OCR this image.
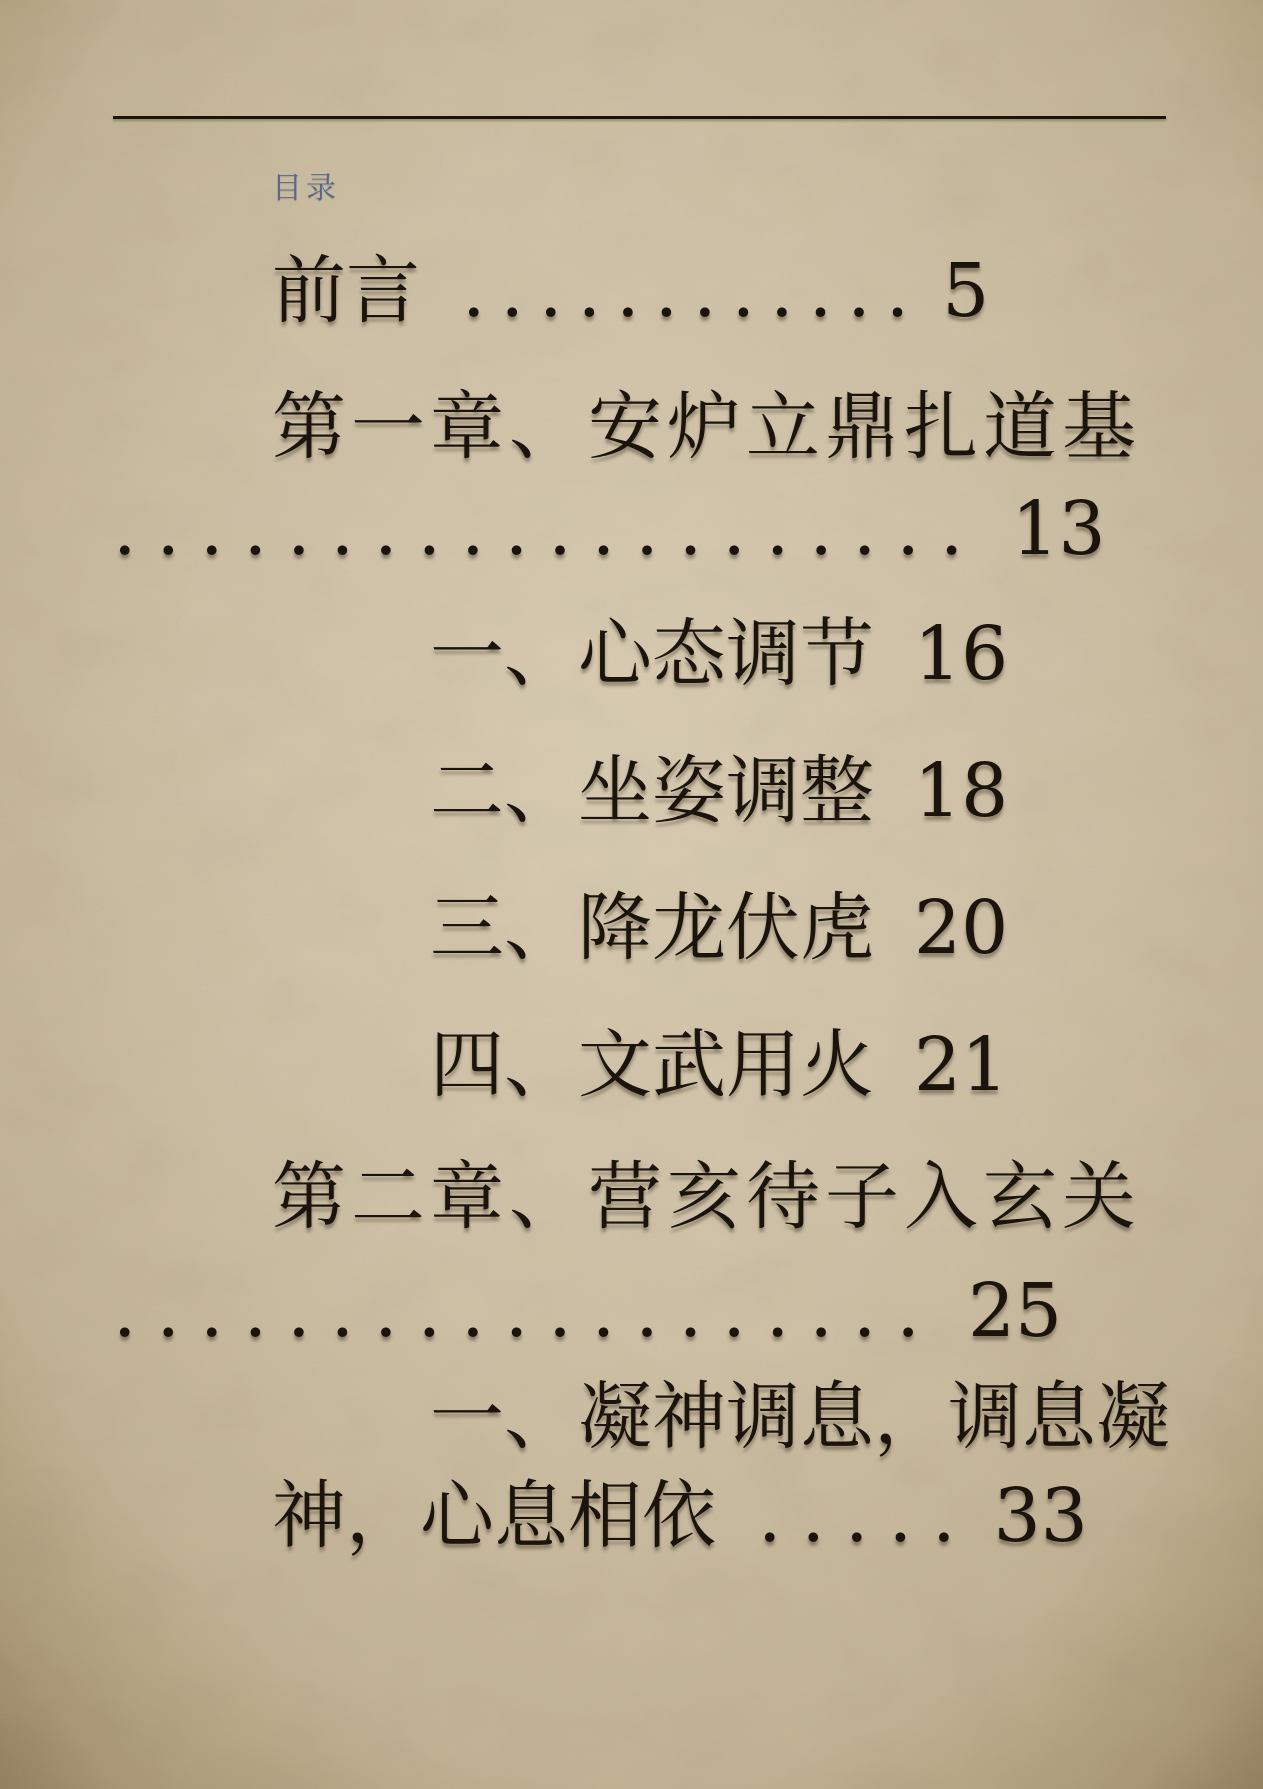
目录
前言 ............ 5
第一章、安炉立鼎扎道基
.................... 13
一、心态调节 16
二、坐姿调整 18
三、降龙伏虎 20
四、文武用火 21
第二章、营亥待子入玄关
................... 25
一、凝神调息，调息凝
神，心息相依 ..... 33
